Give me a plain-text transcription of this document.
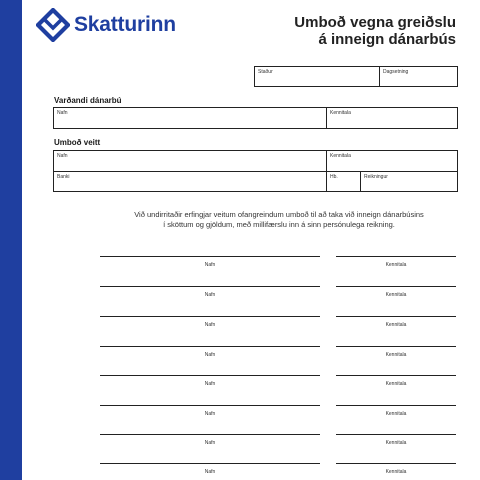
Skatturinn	Umboð vegna greiðslu
á inneign dánarbús
Staður	Dagsetning
Varðandi dánarbú
Nafn	Kennitala
Umboð veitt
Nafn	Kennitala
Banki	Hb.	Reikningur
Við undirritaðir erfingjar veitum ofangreindum umboð til að taka við inneign dánarbúsins
í sköttum og gjöldum, með millifærslu inn á sinn persónulega reikning.
Nafn	Kennitala
Nafn	Kennitala
Nafn	Kennitala
Nafn	Kennitala
Nafn	Kennitala
Nafn	Kennitala
Nafn	Kennitala
Nafn	Kennitala
